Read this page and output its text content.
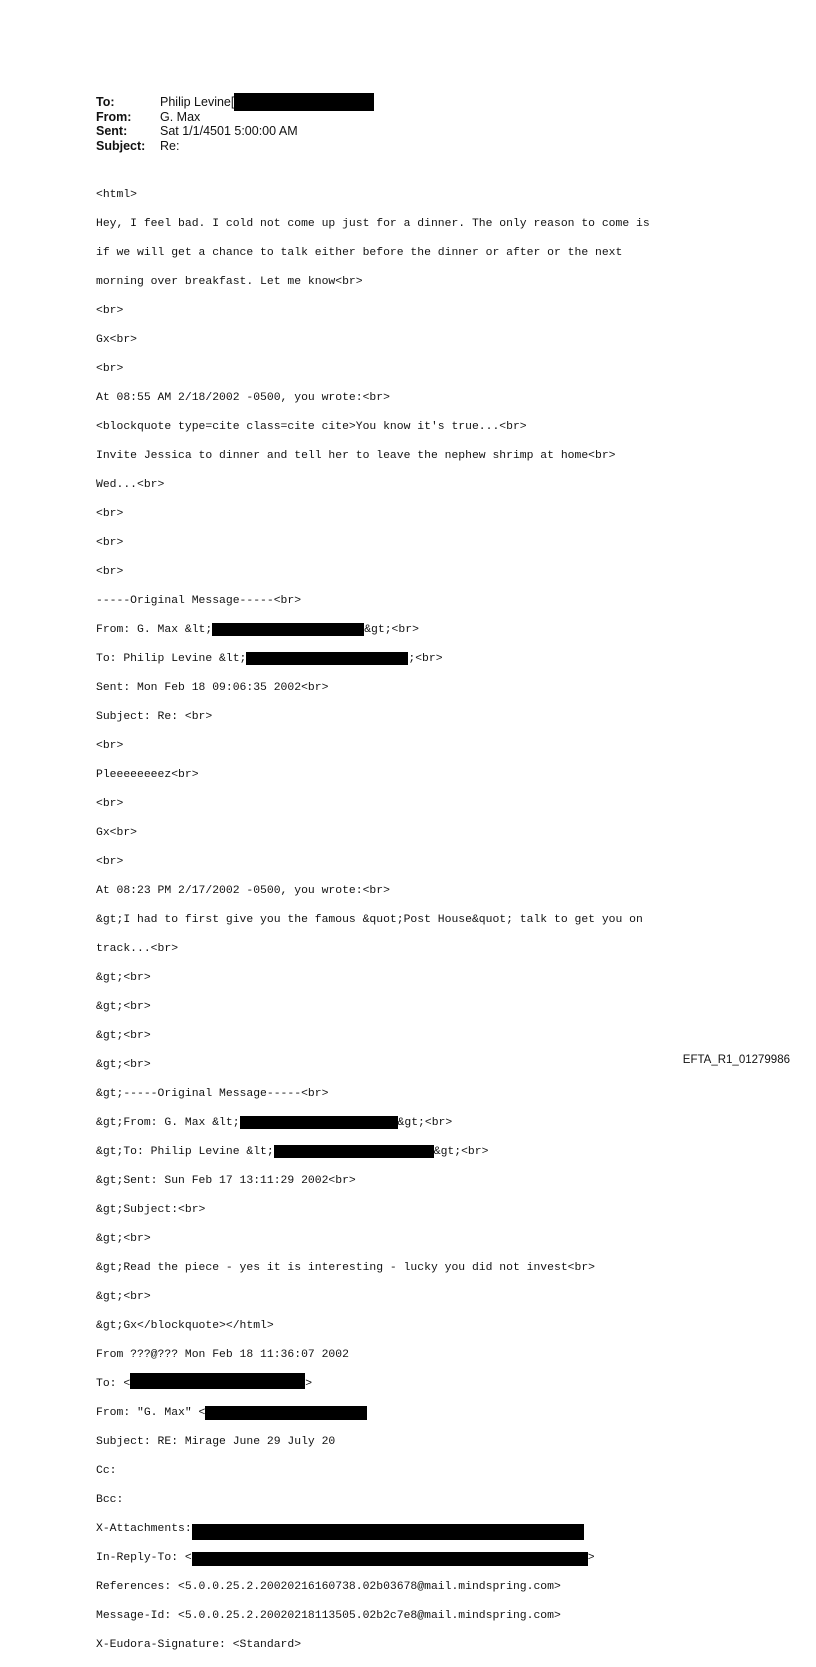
To:	Philip Levine[
From: G. Max
Sent:	Sat 1/1/4501 5:00:00 AM
Subject: Re:

<html>

Hey, I feel bad. I cold not come up just for a dinner. The only reason to come is

if we will get a chance to talk either before the dinner or after or the next

morning over breakfast. Let me know<br>

<br>

Gx<br>

<br>

At 08:55 AM 2/18/2002 -0500, you wrote:<br>

<blockquote type=cite class=cite cite>You know it's true...<br>

Invite Jessica to dinner and tell her to leave the nephew shrimp at home<br>

Wed...<br>

<br>

<br>

<br>

-----Original Message-----<br>

From: G. Max &lt;	&gt;<br>

To: Philip Levine &lt;	;<br>

Sent: Mon Feb 18 09:06:35 2002<br>

Subject: Re: <br>

<br>

Pleeeeeeeez<br>

<br>

Gx<br>

<br>

At 08:23 PM 2/17/2002 -0500, you wrote:<br>

&gt;I had to first give you the famous &quot;Post House&quot; talk to get you on

track...<br>

&gt;<br>

&gt;<br>

&gt;<br>

&gt;<br>

&gt;-----Original Message-----<br>

&gt;From: G. Max &lt;	&gt;<br>

&gt;To: Philip Levine &lt;	&gt;<br>

&gt;Sent: Sun Feb 17 13:11:29 2002<br>

&gt;Subject:<br>

&gt;<br>

&gt;Read the piece - yes it is interesting - lucky you did not invest<br>

&gt;<br>

&gt;Gx</blockquote></html>

From ???@??? Mon Feb 18 11:36:07 2002

To: <	>

From: "G. Max" <

Subject: RE: Mirage June 29 July 20

Cc:

Bcc:

X-Attachments:

In-Reply-To: <	>

References: <5.0.0.25.2.20020216160738.02b03678@mail.mindspring.com>

Message-Id: <5.0.0.25.2.20020218113505.02b2c7e8@mail.mindspring.com>

X-Eudora-Signature: <Standard>

EFTA_R1_01279986
